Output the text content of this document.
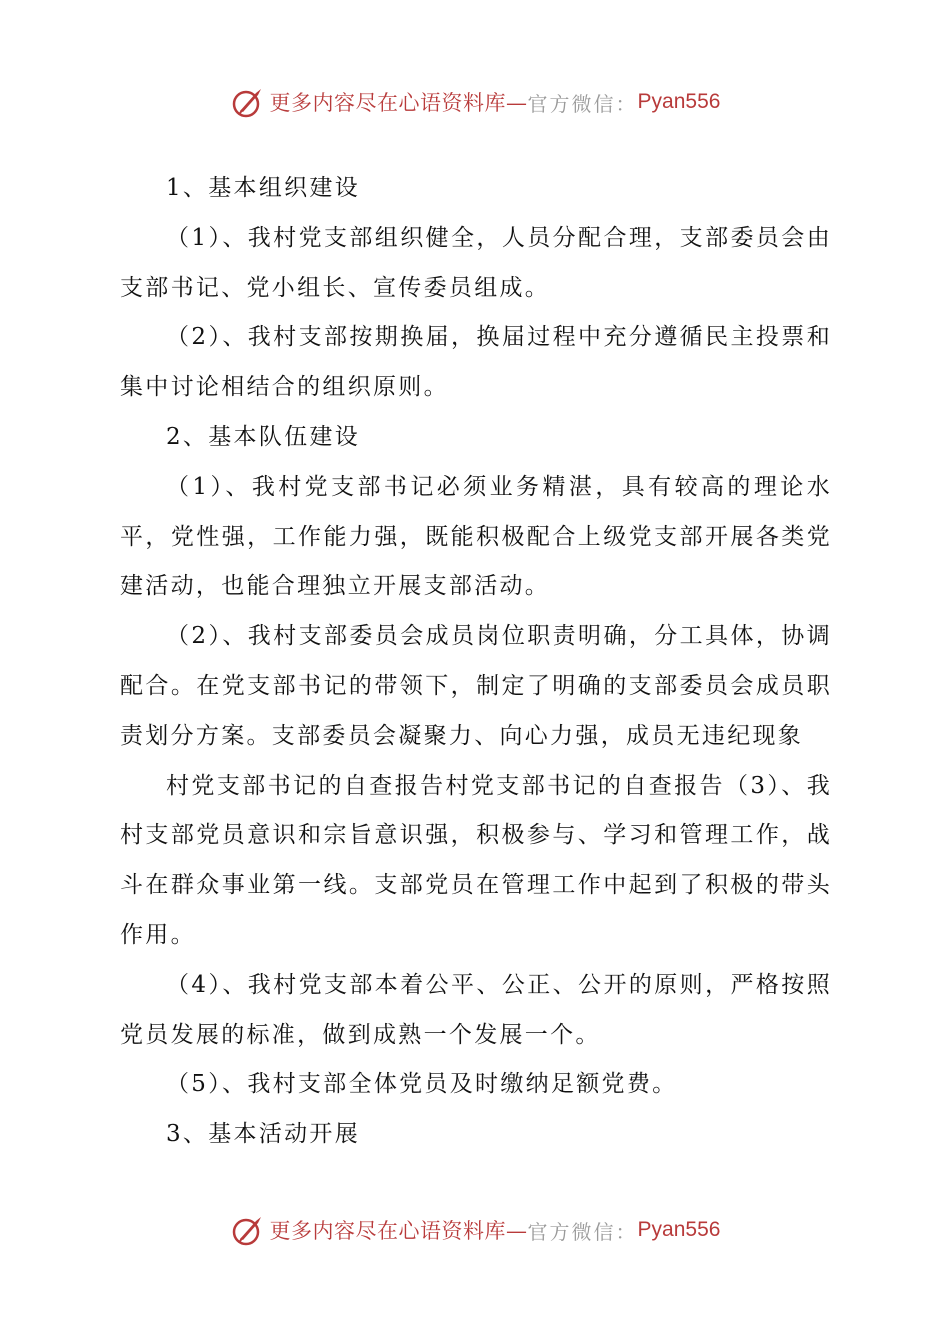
更多内容尽在心语资料库— 官方微信： Pyan556

1、基本组织建设

（1）、我村党支部组织健全，人员分配合理，支部委员会由支部书记、党小组长、宣传委员组成。

（2）、我村支部按期换届，换届过程中充分遵循民主投票和集中讨论相结合的组织原则。

2、基本队伍建设

（1）、我村党支部书记必须业务精湛，具有较高的理论水平，党性强，工作能力强，既能积极配合上级党支部开展各类党建活动，也能合理独立开展支部活动。

（2）、我村支部委员会成员岗位职责明确，分工具体，协调配合。在党支部书记的带领下，制定了明确的支部委员会成员职责划分方案。支部委员会凝聚力、向心力强，成员无违纪现象

村党支部书记的自查报告村党支部书记的自查报告（3）、我村支部党员意识和宗旨意识强，积极参与、学习和管理工作，战斗在群众事业第一线。支部党员在管理工作中起到了积极的带头作用。

（4）、我村党支部本着公平、公正、公开的原则，严格按照党员发展的标准，做到成熟一个发展一个。

（5）、我村支部全体党员及时缴纳足额党费。

3、基本活动开展

更多内容尽在心语资料库— 官方微信： Pyan556
